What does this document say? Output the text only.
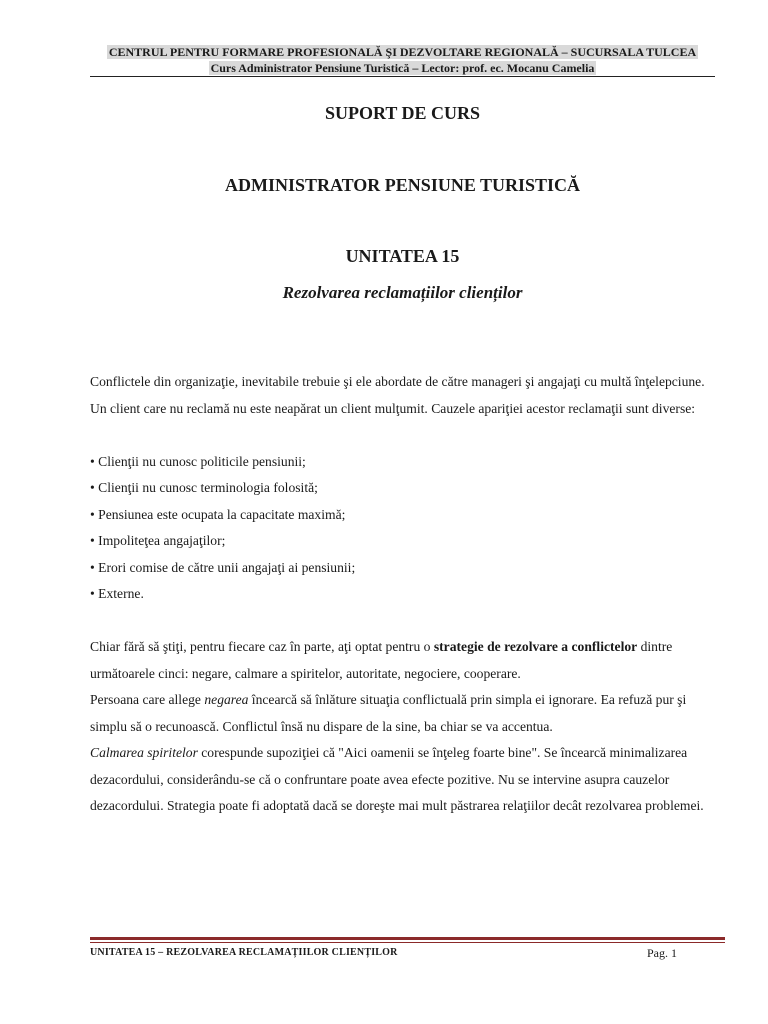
CENTRUL PENTRU FORMARE PROFESIONALĂ ŞI DEZVOLTARE REGIONALĂ – SUCURSALA TULCEA
Curs Administrator Pensiune Turistică – Lector: prof. ec. Mocanu Camelia
SUPORT DE CURS
ADMINISTRATOR PENSIUNE TURISTICĂ
UNITATEA 15
Rezolvarea reclamațiilor clienților

Conflictele din organizaţie, inevitabile trebuie şi ele abordate de către manageri şi angajaţi cu multă înţelepciune. Un client care nu reclamă nu este neapărat un client mulţumit. Cauzele apariţiei acestor reclamaţii sunt diverse:

• Clienţii nu cunosc politicile pensiunii;

• Clienţii nu cunosc terminologia folosită;

• Pensiunea este ocupata la capacitate maximă;

• Impoliteţea angajaţilor;

• Erori comise de către unii angajaţi ai pensiunii;

• Externe.

Chiar fără să ştiţi, pentru fiecare caz în parte, aţi optat pentru o strategie de rezolvare a conflictelor dintre următoarele cinci: negare, calmare a spiritelor, autoritate, negociere, cooperare.

Persoana care allege negarea încearcă să înlăture situaţia conflictuală prin simpla ei ignorare. Ea refuză pur şi simplu să o recunoască. Conflictul însă nu dispare de la sine, ba chiar se va accentua.

Calmarea spiritelor corespunde supoziţiei că "Aici oamenii se înţeleg foarte bine". Se încearcă minimalizarea dezacordului, considerându-se că o confruntare poate avea efecte pozitive. Nu se intervine asupra cauzelor dezacordului. Strategia poate fi adoptată dacă se doreşte mai mult păstrarea relaţiilor decât rezolvarea problemei.

UNITATEA 15 – REZOLVAREA RECLAMAȚIILOR CLIENȚILOR	Pag. 1
